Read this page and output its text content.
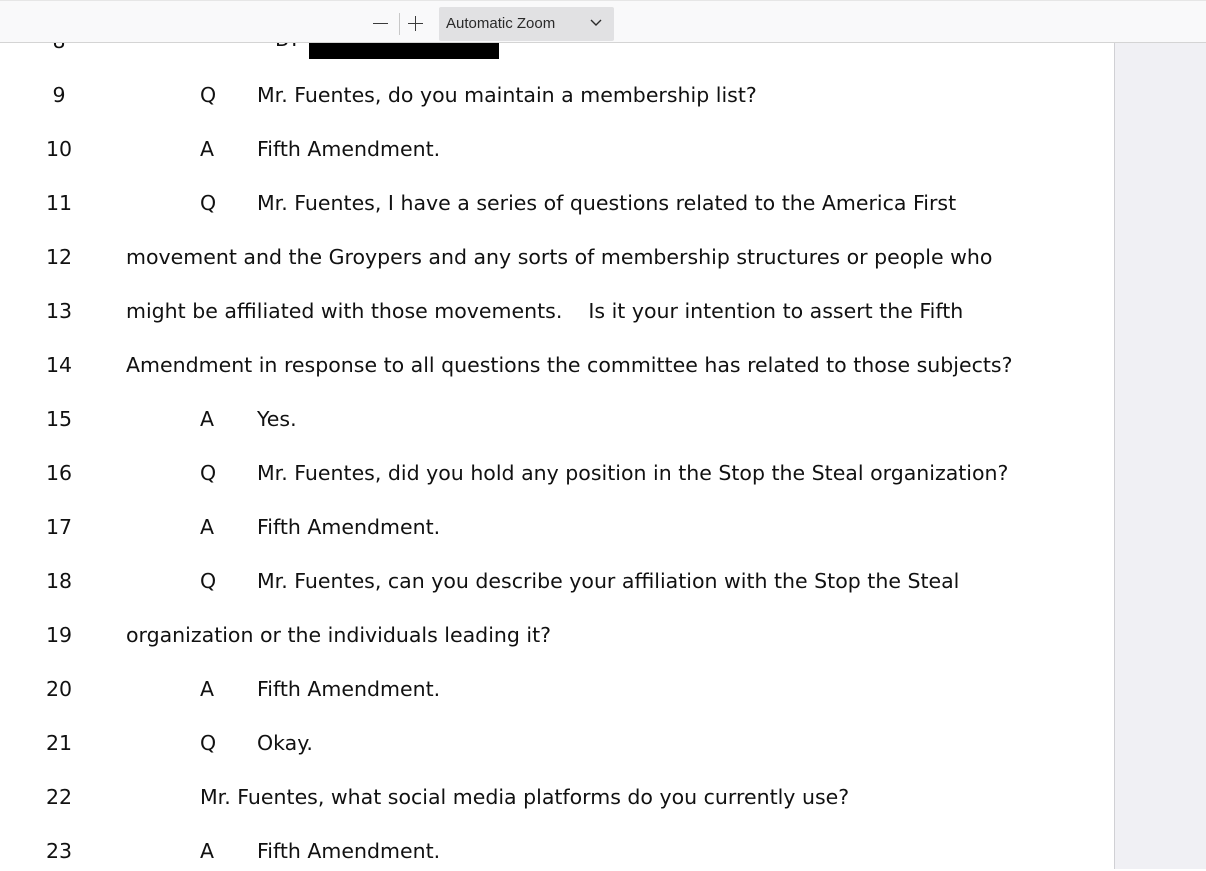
Automatic Zoom
9	Q Mr. Fuentes, do you maintain a membership list?
10	A Fifth Amendment.
11	Q Mr. Fuentes, I have a series of questions related to the America First
12	movement and the Groypers and any sorts of membership structures or people who
13	might be affiliated with those movements. Is it your intention to assert the Fifth
14	Amendment in response to all questions the committee has related to those subjects?
15	A Yes.
16	Q Mr. Fuentes, did you hold any position in the Stop the Steal organization?
17	A Fifth Amendment.
18	Q Mr. Fuentes, can you describe your affiliation with the Stop the Steal
19	organization or the individuals leading it?
20	A Fifth Amendment.
21	Q Okay.
22	Mr. Fuentes, what social media platforms do you currently use?
23	A Fifth Amendment.
